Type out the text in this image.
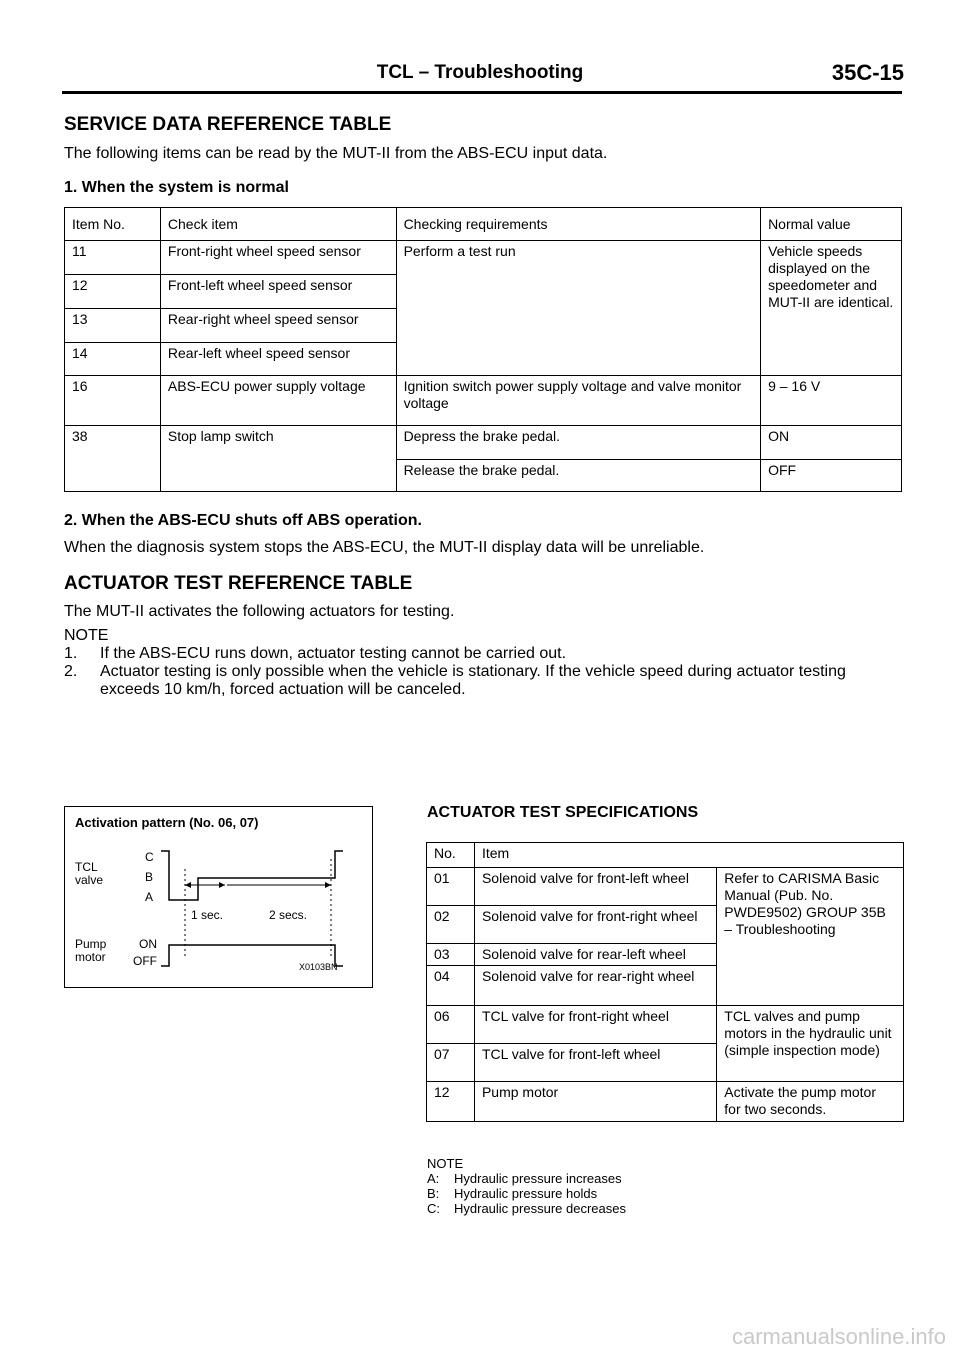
TCL – Troubleshooting	35C-15
SERVICE DATA REFERENCE TABLE
The following items can be read by the MUT-II from the ABS-ECU input data.
1. When the system is normal
Item No.	Check item	Checking requirements	Normal value
11	Front-right wheel speed sensor	Perform a test run	Vehicle speeds displayed on the speedometer and MUT-II are identical.
12	Front-left wheel speed sensor		
13	Rear-right wheel speed sensor		
14	Rear-left wheel speed sensor		
16	ABS-ECU power supply voltage	Ignition switch power supply voltage and valve monitor voltage	9 – 16 V
38	Stop lamp switch	Depress the brake pedal.	ON
		Release the brake pedal.	OFF
2. When the ABS-ECU shuts off ABS operation.
When the diagnosis system stops the ABS-ECU, the MUT-II display data will be unreliable.
ACTUATOR TEST REFERENCE TABLE
The MUT-II activates the following actuators for testing.
NOTE
1.	If the ABS-ECU runs down, actuator testing cannot be carried out.
2.	Actuator testing is only possible when the vehicle is stationary. If the vehicle speed during actuator testing exceeds 10 km/h, forced actuation will be canceled.
Activation pattern (No. 06, 07)
TCL
valve
C
B
A
1 sec.	2 secs.
Pump
motor
ON
OFF	X0103BN
ACTUATOR TEST SPECIFICATIONS
No.	Item	
01	Solenoid valve for front-left wheel	Refer to CARISMA Basic Manual (Pub. No. PWDE9502) GROUP 35B – Troubleshooting
02	Solenoid valve for front-right wheel	
03	Solenoid valve for rear-left wheel	
04	Solenoid valve for rear-right wheel	
06	TCL valve for front-right wheel	TCL valves and pump motors in the hydraulic unit (simple inspection mode)
07	TCL valve for front-left wheel	
12	Pump motor	Activate the pump motor for two seconds.
NOTE
A:	Hydraulic pressure increases
B:	Hydraulic pressure holds
C:	Hydraulic pressure decreases
carmanualsonline.info
